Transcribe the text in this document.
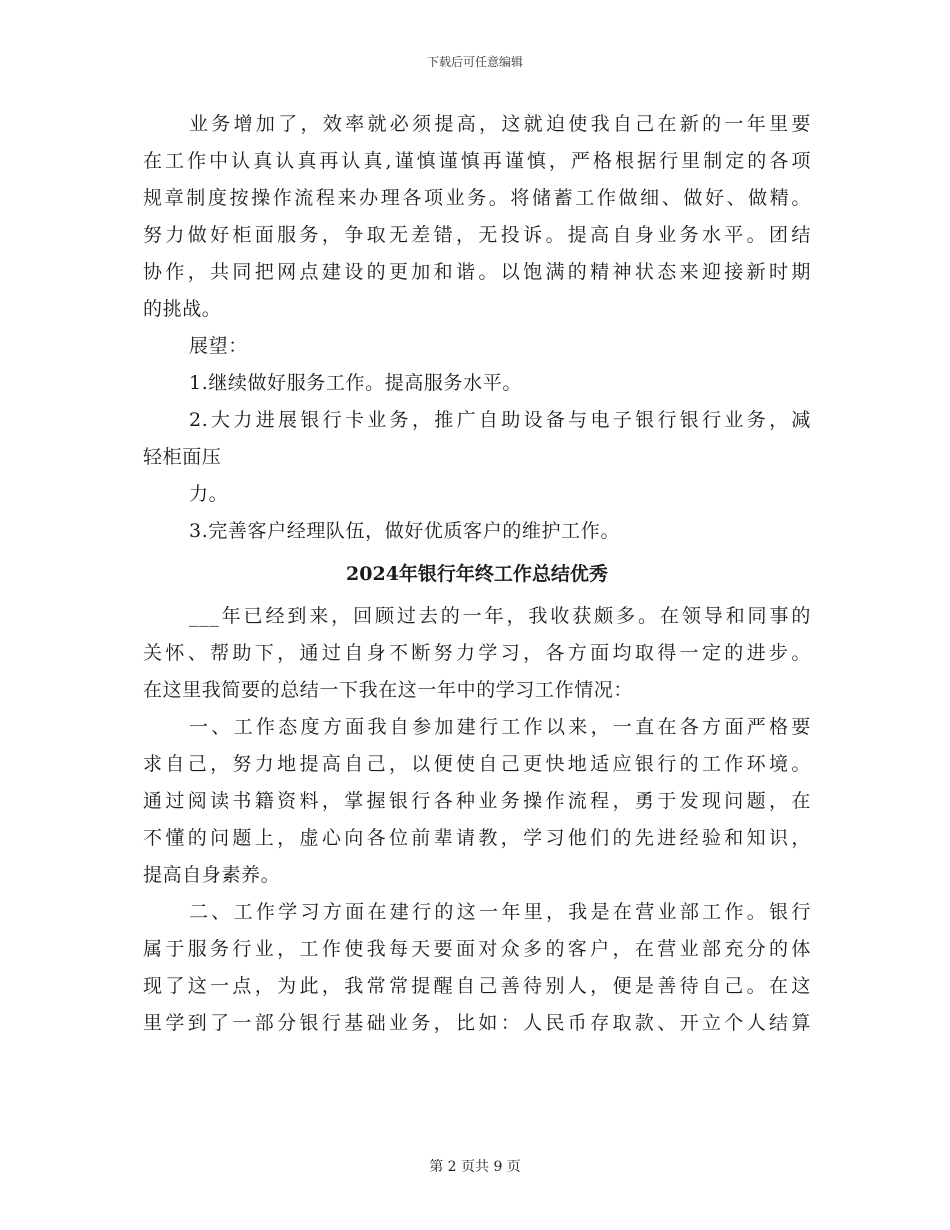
下载后可任意编辑
业务增加了，效率就必须提高，这就迫使我自己在新的一年里要
在工作中认真认真再认真,谨慎谨慎再谨慎，严格根据行里制定的各项
规章制度按操作流程来办理各项业务。将储蓄工作做细、做好、做精。
努力做好柜面服务，争取无差错，无投诉。提高自身业务水平。团结
协作，共同把网点建设的更加和谐。以饱满的精神状态来迎接新时期
的挑战。
展望：
1.继续做好服务工作。提高服务水平。
2.大力进展银行卡业务，推广自助设备与电子银行银行业务，减
轻柜面压
力。
3.完善客户经理队伍，做好优质客户的维护工作。
2024年银行年终工作总结优秀
___年已经到来，回顾过去的一年，我收获颇多。在领导和同事的
关怀、帮助下，通过自身不断努力学习，各方面均取得一定的进步。
在这里我简要的总结一下我在这一年中的学习工作情况：
一、工作态度方面我自参加建行工作以来，一直在各方面严格要
求自己，努力地提高自己，以便使自己更快地适应银行的工作环境。
通过阅读书籍资料，掌握银行各种业务操作流程，勇于发现问题，在
不懂的问题上，虚心向各位前辈请教，学习他们的先进经验和知识，
提高自身素养。
二、工作学习方面在建行的这一年里，我是在营业部工作。银行
属于服务行业，工作使我每天要面对众多的客户，在营业部充分的体
现了这一点，为此，我常常提醒自己善待别人，便是善待自己。在这
里学到了一部分银行基础业务，比如：人民币存取款、开立个人结算
第 2 页共 9 页
